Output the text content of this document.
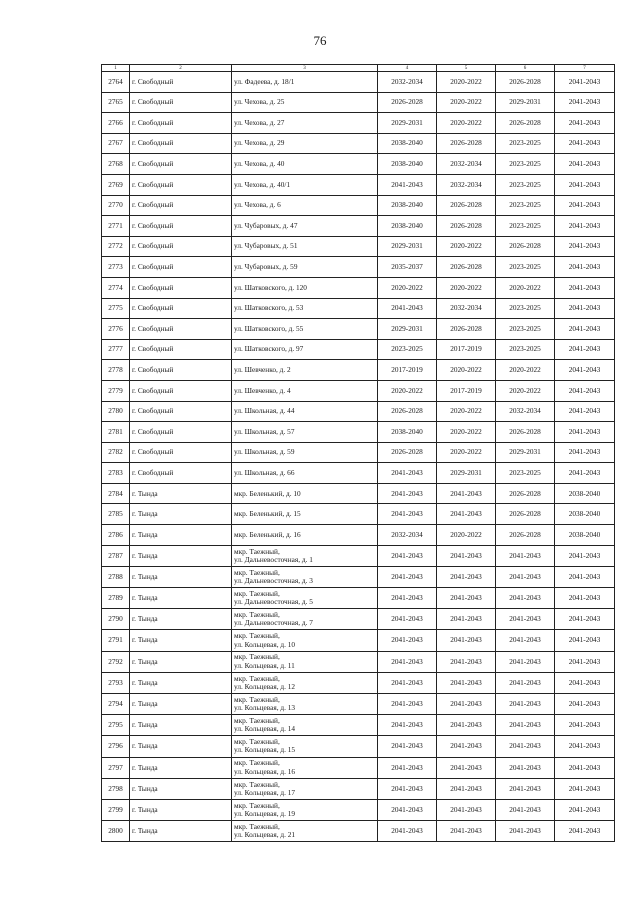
76
1	2	3	4	5	6	7
2764	г. Свободный	ул. Фадеева, д. 18/1	2032-2034	2020-2022	2026-2028	2041-2043
2765	г. Свободный	ул. Чехова, д. 25	2026-2028	2020-2022	2029-2031	2041-2043
2766	г. Свободный	ул. Чехова, д. 27	2029-2031	2020-2022	2026-2028	2041-2043
2767	г. Свободный	ул. Чехова, д. 29	2038-2040	2026-2028	2023-2025	2041-2043
2768	г. Свободный	ул. Чехова, д. 40	2038-2040	2032-2034	2023-2025	2041-2043
2769	г. Свободный	ул. Чехова, д. 40/1	2041-2043	2032-2034	2023-2025	2041-2043
2770	г. Свободный	ул. Чехова, д. 6	2038-2040	2026-2028	2023-2025	2041-2043
2771	г. Свободный	ул. Чубаровых, д. 47	2038-2040	2026-2028	2023-2025	2041-2043
2772	г. Свободный	ул. Чубаровых, д. 51	2029-2031	2020-2022	2026-2028	2041-2043
2773	г. Свободный	ул. Чубаровых, д. 59	2035-2037	2026-2028	2023-2025	2041-2043
2774	г. Свободный	ул. Шатковского, д. 120	2020-2022	2020-2022	2020-2022	2041-2043
2775	г. Свободный	ул. Шатковского, д. 53	2041-2043	2032-2034	2023-2025	2041-2043
2776	г. Свободный	ул. Шатковского, д. 55	2029-2031	2026-2028	2023-2025	2041-2043
2777	г. Свободный	ул. Шатковского, д. 97	2023-2025	2017-2019	2023-2025	2041-2043
2778	г. Свободный	ул. Шевченко, д. 2	2017-2019	2020-2022	2020-2022	2041-2043
2779	г. Свободный	ул. Шевченко, д. 4	2020-2022	2017-2019	2020-2022	2041-2043
2780	г. Свободный	ул. Школьная, д. 44	2026-2028	2020-2022	2032-2034	2041-2043
2781	г. Свободный	ул. Школьная, д. 57	2038-2040	2020-2022	2026-2028	2041-2043
2782	г. Свободный	ул. Школьная, д. 59	2026-2028	2020-2022	2029-2031	2041-2043
2783	г. Свободный	ул. Школьная, д. 66	2041-2043	2029-2031	2023-2025	2041-2043
2784	г. Тында	мкр. Беленький, д. 10	2041-2043	2041-2043	2026-2028	2038-2040
2785	г. Тында	мкр. Беленький, д. 15	2041-2043	2041-2043	2026-2028	2038-2040
2786	г. Тында	мкр. Беленький, д. 16	2032-2034	2020-2022	2026-2028	2038-2040
2787	г. Тында	мкр. Таежный,
ул. Дальневосточная, д. 1	2041-2043	2041-2043	2041-2043	2041-2043
2788	г. Тында	мкр. Таежный,
ул. Дальневосточная, д. 3	2041-2043	2041-2043	2041-2043	2041-2043
2789	г. Тында	мкр. Таежный,
ул. Дальневосточная, д. 5	2041-2043	2041-2043	2041-2043	2041-2043
2790	г. Тында	мкр. Таежный,
ул. Дальневосточная, д. 7	2041-2043	2041-2043	2041-2043	2041-2043
2791	г. Тында	мкр. Таежный,
ул. Кольцевая, д. 10	2041-2043	2041-2043	2041-2043	2041-2043
2792	г. Тында	мкр. Таежный,
ул. Кольцевая, д. 11	2041-2043	2041-2043	2041-2043	2041-2043
2793	г. Тында	мкр. Таежный,
ул. Кольцевая, д. 12	2041-2043	2041-2043	2041-2043	2041-2043
2794	г. Тында	мкр. Таежный,
ул. Кольцевая, д. 13	2041-2043	2041-2043	2041-2043	2041-2043
2795	г. Тында	мкр. Таежный,
ул. Кольцевая, д. 14	2041-2043	2041-2043	2041-2043	2041-2043
2796	г. Тында	мкр. Таежный,
ул. Кольцевая, д. 15	2041-2043	2041-2043	2041-2043	2041-2043
2797	г. Тында	мкр. Таежный,
ул. Кольцевая, д. 16	2041-2043	2041-2043	2041-2043	2041-2043
2798	г. Тында	мкр. Таежный,
ул. Кольцевая, д. 17	2041-2043	2041-2043	2041-2043	2041-2043
2799	г. Тында	мкр. Таежный,
ул. Кольцевая, д. 19	2041-2043	2041-2043	2041-2043	2041-2043
2800	г. Тында	мкр. Таежный,
ул. Кольцевая, д. 21	2041-2043	2041-2043	2041-2043	2041-2043
